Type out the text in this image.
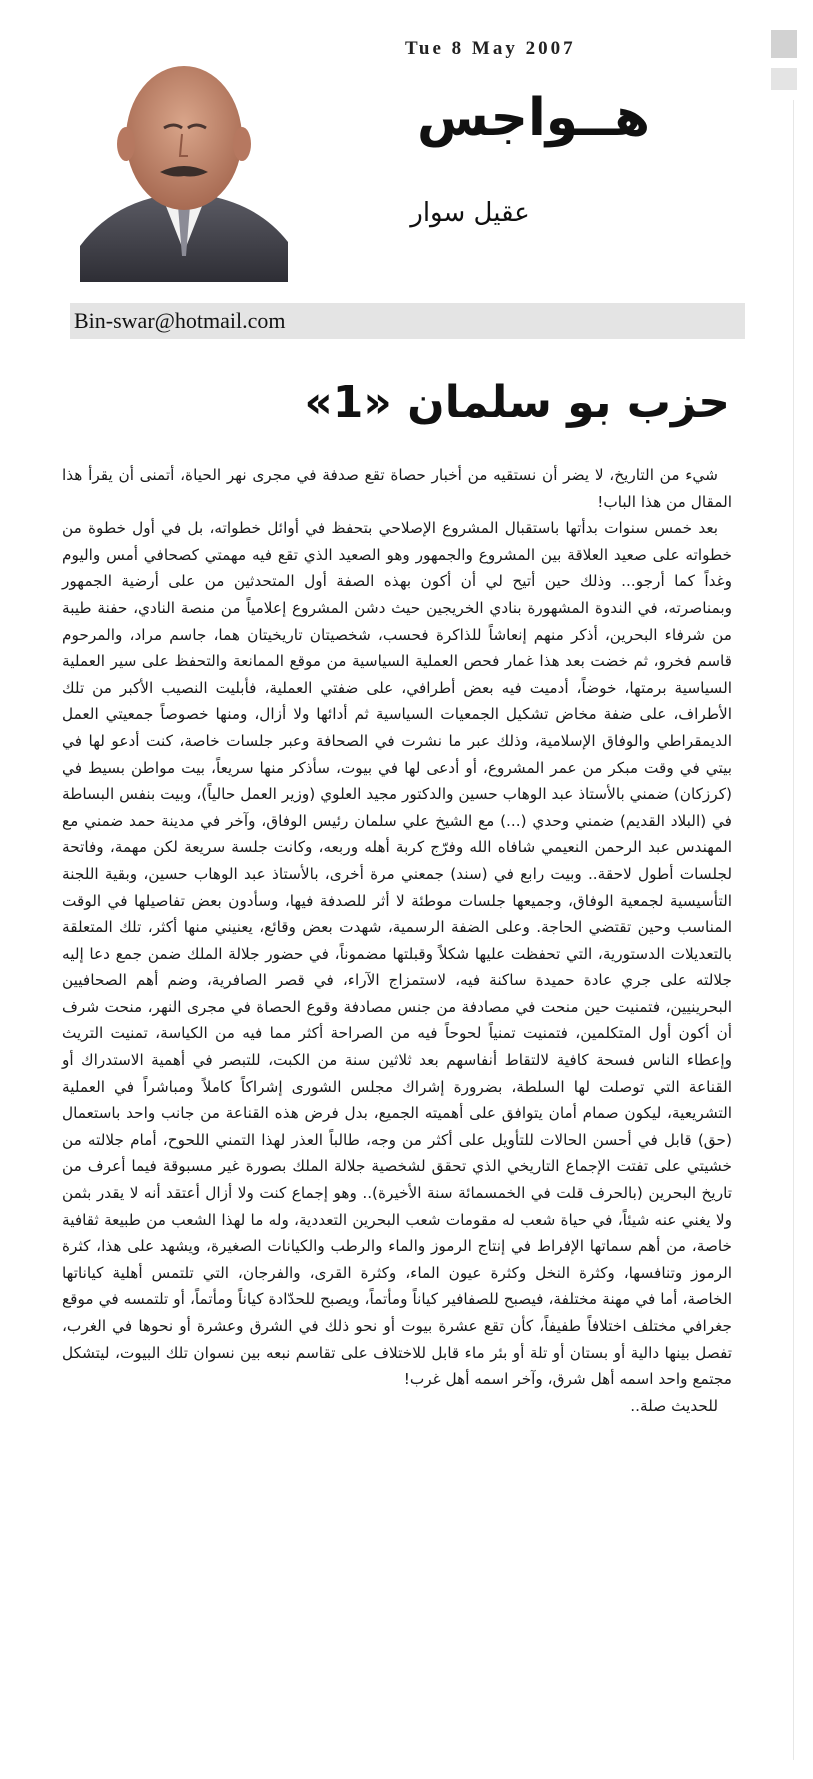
Tue 8 May 2007
هــواجس
عقيل سوار
Bin-swar@hotmail.com
حزب بو سلمان «1»

شيء من التاريخ، لا يضر أن نستقيه من أخبار حصاة تقع صدفة في مجرى نهر الحياة، أتمنى أن يقرأ هذا المقال من هذا الباب!

بعد خمس سنوات بدأتها باستقبال المشروع الإصلاحي بتحفظ في أوائل خطواته، بل في أول خطوة من خطواته على صعيد العلاقة بين المشروع والجمهور وهو الصعيد الذي تقع فيه مهمتي كصحافي أمس واليوم وغداً كما أرجو... وذلك حين أتيح لي أن أكون بهذه الصفة أول المتحدثين من على أرضية الجمهور وبمناصرته، في الندوة المشهورة بنادي الخريجين حيث دشن المشروع إعلامياً من منصة النادي، حفنة طيبة من شرفاء البحرين، أذكر منهم إنعاشاً للذاكرة فحسب، شخصيتان تاريخيتان هما، جاسم مراد، والمرحوم قاسم فخرو، ثم خضت بعد هذا غمار فحص العملية السياسية من موقع الممانعة والتحفظ على سير العملية السياسية برمتها، خوضاً، أدميت فيه بعض أطرافي، على ضفتي العملية، فأبليت النصيب الأكبر من تلك الأطراف، على ضفة مخاض تشكيل الجمعيات السياسية ثم أدائها ولا أزال، ومنها خصوصاً جمعيتي العمل الديمقراطي والوفاق الإسلامية، وذلك عبر ما نشرت في الصحافة وعبر جلسات خاصة، كنت أدعو لها في بيتي في وقت مبكر من عمر المشروع، أو أدعى لها في بيوت، سأذكر منها سريعاً، بيت مواطن بسيط في (كرزكان) ضمني بالأستاذ عبد الوهاب حسين والدكتور مجيد العلوي (وزير العمل حالياً)، وبيت بنفس البساطة في (البلاد القديم) ضمني وحدي (...) مع الشيخ علي سلمان رئيس الوفاق، وآخر في مدينة حمد ضمني مع المهندس عبد الرحمن النعيمي شافاه الله وفرّج كربة أهله وربعه، وكانت جلسة سريعة لكن مهمة، وفاتحة لجلسات أطول لاحقة.. وبيت رابع في (سند) جمعني مرة أخرى، بالأستاذ عبد الوهاب حسين، وبقية اللجنة التأسيسية لجمعية الوفاق، وجميعها جلسات موطئة لا أثر للصدفة فيها، وسأدون بعض تفاصيلها في الوقت المناسب وحين تقتضي الحاجة. وعلى الضفة الرسمية، شهدت بعض وقائع، يعنيني منها أكثر، تلك المتعلقة بالتعديلات الدستورية، التي تحفظت عليها شكلاً وقبلتها مضموناً، في حضور جلالة الملك ضمن جمع دعا إليه جلالته على جري عادة حميدة ساكنة فيه، لاستمزاج الآراء، في قصر الصافرية، وضم أهم الصحافيين البحرينيين، فتمنيت حين منحت في مصادفة من جنس مصادفة وقوع الحصاة في مجرى النهر، منحت شرف أن أكون أول المتكلمين، فتمنيت تمنياً لحوحاً فيه من الصراحة أكثر مما فيه من الكياسة، تمنيت التريث وإعطاء الناس فسحة كافية لالتقاط أنفاسهم بعد ثلاثين سنة من الكبت، للتبصر في أهمية الاستدراك أو القناعة التي توصلت لها السلطة، بضرورة إشراك مجلس الشورى إشراكاً كاملاً ومباشراً في العملية التشريعية، ليكون صمام أمان يتوافق على أهميته الجميع، بدل فرض هذه القناعة من جانب واحد باستعمال (حق) قابل في أحسن الحالات للتأويل على أكثر من وجه، طالباً العذر لهذا التمني اللحوح، أمام جلالته من خشيتي على تفتت الإجماع التاريخي الذي تحقق لشخصية جلالة الملك بصورة غير مسبوقة فيما أعرف من تاريخ البحرين (بالحرف قلت في الخمسمائة سنة الأخيرة).. وهو إجماع كنت ولا أزال أعتقد أنه لا يقدر بثمن ولا يغني عنه شيئاً، في حياة شعب له مقومات شعب البحرين التعددية، وله ما لهذا الشعب من طبيعة ثقافية خاصة، من أهم سماتها الإفراط في إنتاج الرموز والماء والرطب والكيانات الصغيرة، ويشهد على هذا، كثرة الرموز وتنافسها، وكثرة النخل وكثرة عيون الماء، وكثرة القرى، والفرجان، التي تلتمس أهلية كياناتها الخاصة، أما في مهنة مختلفة، فيصبح للصفافير كياناً ومأتماً، ويصبح للحدّادة كياناً ومأتماً، أو تلتمسه في موقع جغرافي مختلف اختلافاً طفيفاً، كأن تقع عشرة بيوت أو نحو ذلك في الشرق وعشرة أو نحوها في الغرب، تفصل بينها دالية أو بستان أو تلة أو بئر ماء قابل للاختلاف على تقاسم نبعه بين نسوان تلك البيوت، ليتشكل مجتمع واحد اسمه أهل شرق، وآخر اسمه أهل غرب!

للحديث صلة..
